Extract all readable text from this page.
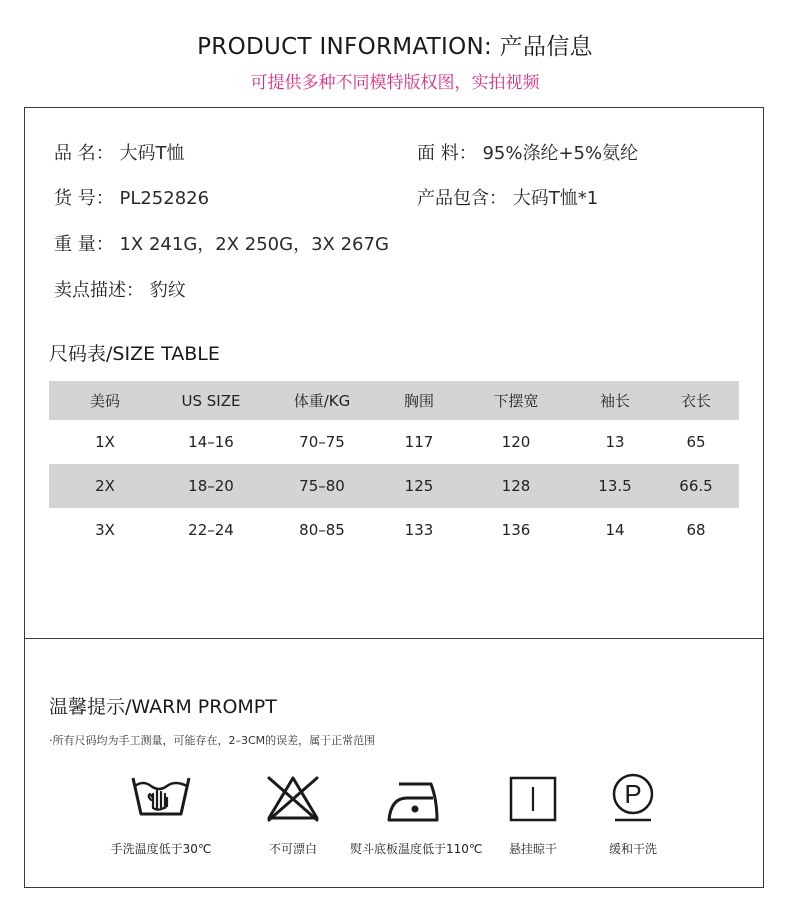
PRODUCT INFORMATION: 产品信息
可提供多种不同模特版权图，实拍视频
品 名： 大码T恤	面 料： 95%涤纶+5%氨纶
货 号： PL252826	产品包含： 大码T恤*1
重 量： 1X 241G，2X 250G，3X 267G
卖点描述： 豹纹
尺码表/SIZE TABLE
美码	US SIZE	体重/KG	胸围	下摆宽	袖长	衣长
1X	14–16	70–75	117	120	13	65
2X	18–20	75–80	125	128	13.5	66.5
3X	22–24	80–85	133	136	14	68
温馨提示/WARM PROMPT
·所有尺码均为手工测量，可能存在，2–3CM的误差，属于正常范围
手洗温度低于30℃	不可漂白	熨斗底板温度低于110℃	悬挂晾干
P
缓和干洗
